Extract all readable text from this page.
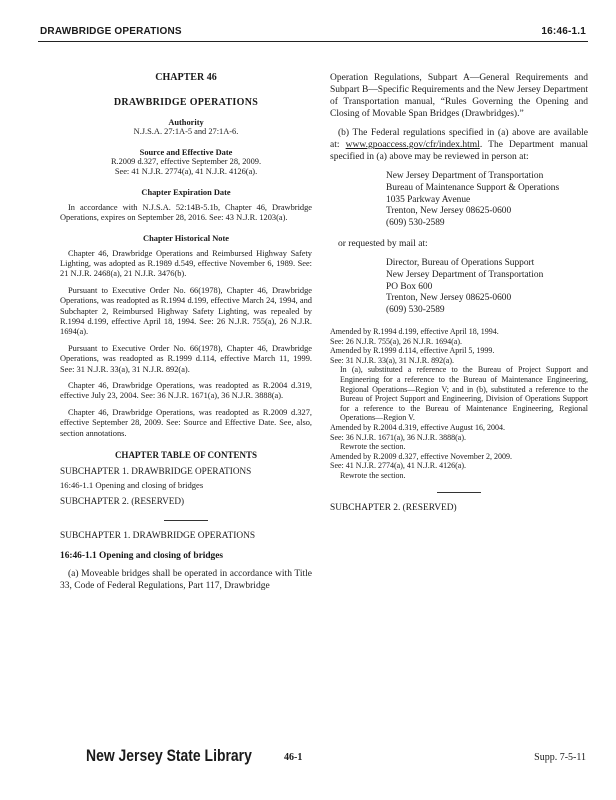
DRAWBRIDGE OPERATIONS	16:46-1.1
CHAPTER 46
DRAWBRIDGE OPERATIONS
Authority
N.J.S.A. 27:1A-5 and 27:1A-6.
Source and Effective Date
R.2009 d.327, effective September 28, 2009.
See: 41 N.J.R. 2774(a), 41 N.J.R. 4126(a).
Chapter Expiration Date

In accordance with N.J.S.A. 52:14B-5.1b, Chapter 46, Drawbridge Operations, expires on September 28, 2016. See: 43 N.J.R. 1203(a).

Chapter Historical Note

Chapter 46, Drawbridge Operations and Reimbursed Highway Safety Lighting, was adopted as R.1989 d.549, effective November 6, 1989. See: 21 N.J.R. 2468(a), 21 N.J.R. 3476(b).

Pursuant to Executive Order No. 66(1978), Chapter 46, Drawbridge Operations, was readopted as R.1994 d.199, effective March 24, 1994, and Subchapter 2, Reimbursed Highway Safety Lighting, was repealed by R.1994 d.199, effective April 18, 1994. See: 26 N.J.R. 755(a), 26 N.J.R. 1694(a).

Pursuant to Executive Order No. 66(1978), Chapter 46, Drawbridge Operations, was readopted as R.1999 d.114, effective March 11, 1999. See: 31 N.J.R. 33(a), 31 N.J.R. 892(a).

Chapter 46, Drawbridge Operations, was readopted as R.2004 d.319, effective July 23, 2004. See: 36 N.J.R. 1671(a), 36 N.J.R. 3888(a).

Chapter 46, Drawbridge Operations, was readopted as R.2009 d.327, effective September 28, 2009. See: Source and Effective Date. See, also, section annotations.

CHAPTER TABLE OF CONTENTS
SUBCHAPTER 1. DRAWBRIDGE OPERATIONS
16:46-1.1 Opening and closing of bridges
SUBCHAPTER 2. (RESERVED)
SUBCHAPTER 1. DRAWBRIDGE OPERATIONS
16:46-1.1 Opening and closing of bridges

(a) Moveable bridges shall be operated in accordance with Title 33, Code of Federal Regulations, Part 117, Drawbridge

Operation Regulations, Subpart A—General Requirements and Subpart B—Specific Requirements and the New Jersey Department of Transportation manual, “Rules Governing the Opening and Closing of Movable Span Bridges (Drawbridges).”

(b) The Federal regulations specified in (a) above are available at: www.gpoaccess.gov/cfr/index.html. The Department manual specified in (a) above may be reviewed in person at:

New Jersey Department of Transportation
Bureau of Maintenance Support & Operations
1035 Parkway Avenue
Trenton, New Jersey 08625-0600
(609) 530-2589

or requested by mail at:

Director, Bureau of Operations Support
New Jersey Department of Transportation
PO Box 600
Trenton, New Jersey 08625-0600
(609) 530-2589
Amended by R.1994 d.199, effective April 18, 1994.
See: 26 N.J.R. 755(a), 26 N.J.R. 1694(a).
Amended by R.1999 d.114, effective April 5, 1999.
See: 31 N.J.R. 33(a), 31 N.J.R. 892(a).
In (a), substituted a reference to the Bureau of Project Support and Engineering for a reference to the Bureau of Maintenance Engineering, Regional Operations—Region V; and in (b), substituted a reference to the Bureau of Project Support and Engineering, Division of Operations Support for a reference to the Bureau of Maintenance Engineering, Regional Operations—Region V.
Amended by R.2004 d.319, effective August 16, 2004.
See: 36 N.J.R. 1671(a), 36 N.J.R. 3888(a).
Rewrote the section.
Amended by R.2009 d.327, effective November 2, 2009.
See: 41 N.J.R. 2774(a), 41 N.J.R. 4126(a).
Rewrote the section.
SUBCHAPTER 2. (RESERVED)
New Jersey State Library	46-1	Supp. 7-5-11
